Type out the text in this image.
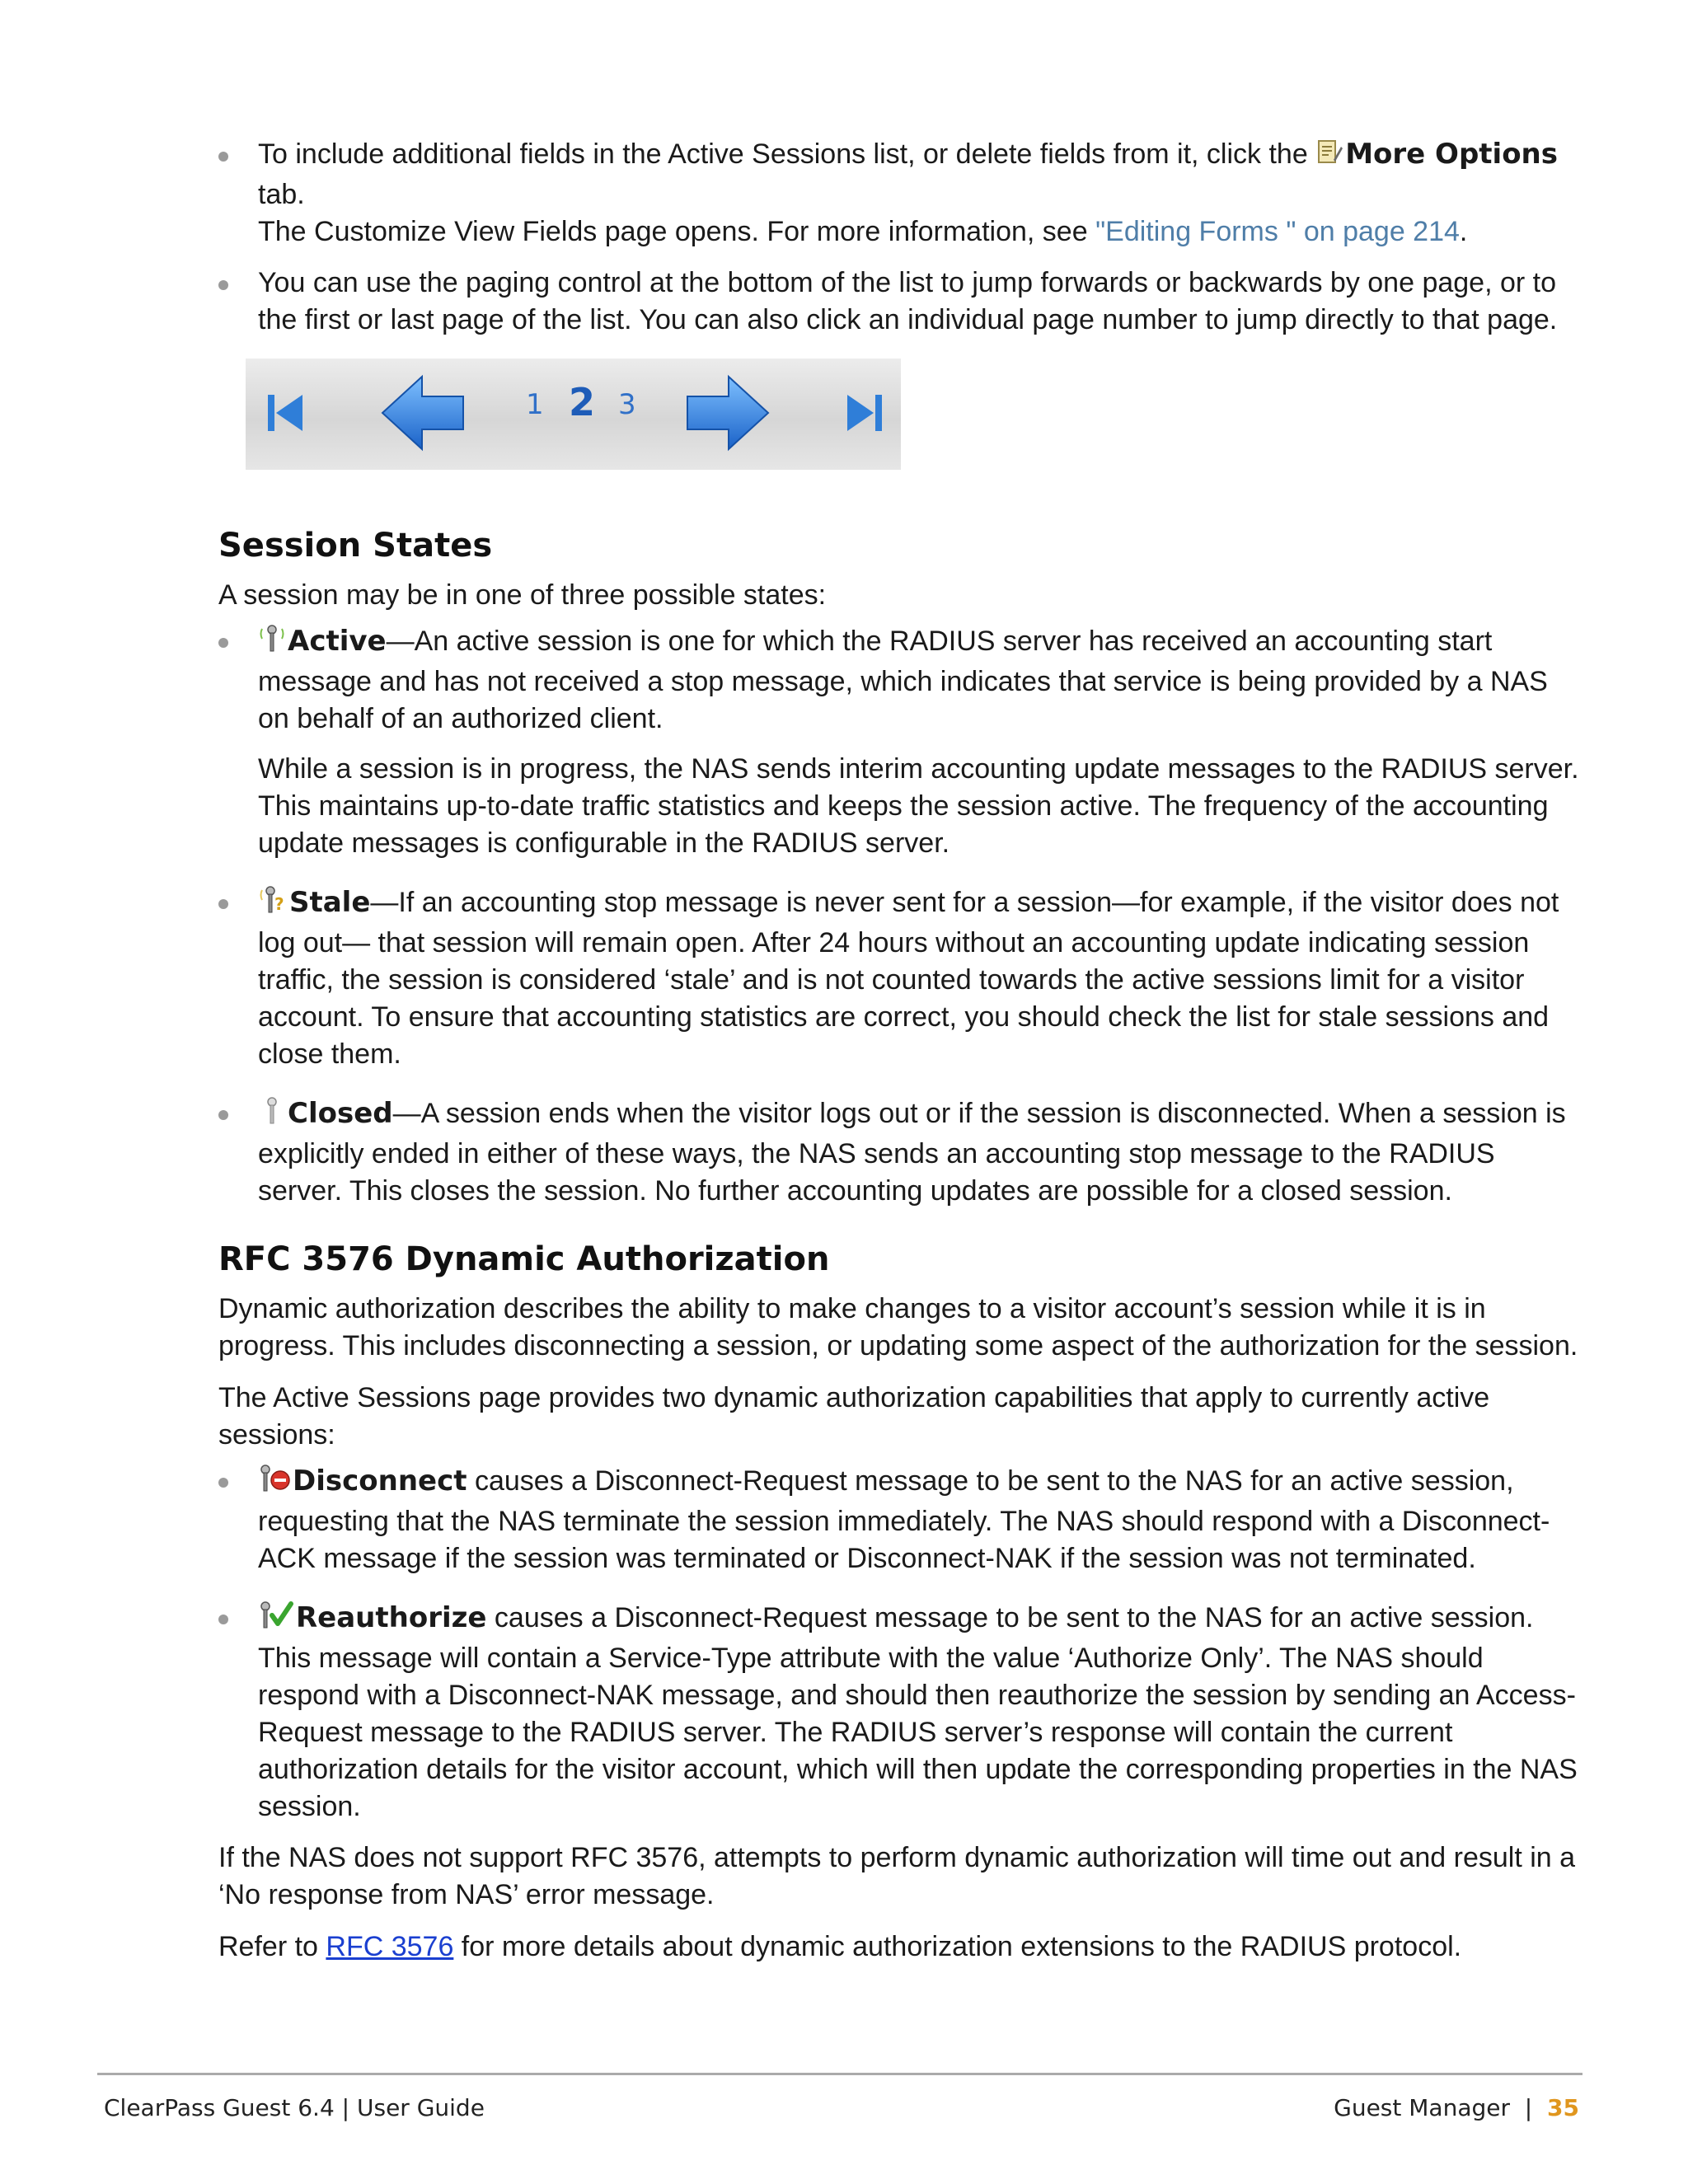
To include additional fields in the Active Sessions list, or delete fields from it, click the More Options tab.
The Customize View Fields page opens. For more information, see "Editing Forms " on page 214.

You can use the paging control at the bottom of the list to jump forwards or backwards by one page, or to the first or last page of the list. You can also click an individual page number to jump directly to that page.

1 2 3
Session States

A session may be in one of three possible states:

Active—An active session is one for which the RADIUS server has received an accounting start message and has not received a stop message, which indicates that service is being provided by a NAS on behalf of an authorized client.

While a session is in progress, the NAS sends interim accounting update messages to the RADIUS server. This maintains up-to-date traffic statistics and keeps the session active. The frequency of the accounting update messages is configurable in the RADIUS server.

? Stale—If an accounting stop message is never sent for a session—for example, if the visitor does not log out— that session will remain open. After 24 hours without an accounting update indicating session traffic, the session is considered ‘stale’ and is not counted towards the active sessions limit for a visitor account. To ensure that accounting statistics are correct, you should check the list for stale sessions and close them.

Closed—A session ends when the visitor logs out or if the session is disconnected. When a session is explicitly ended in either of these ways, the NAS sends an accounting stop message to the RADIUS server. This closes the session. No further accounting updates are possible for a closed session.

RFC 3576 Dynamic Authorization

Dynamic authorization describes the ability to make changes to a visitor account’s session while it is in progress. This includes disconnecting a session, or updating some aspect of the authorization for the session.

The Active Sessions page provides two dynamic authorization capabilities that apply to currently active sessions:

Disconnect causes a Disconnect-Request message to be sent to the NAS for an active session, requesting that the NAS terminate the session immediately. The NAS should respond with a Disconnect-ACK message if the session was terminated or Disconnect-NAK if the session was not terminated.

Reauthorize causes a Disconnect-Request message to be sent to the NAS for an active session. This message will contain a Service-Type attribute with the value ‘Authorize Only’. The NAS should respond with a Disconnect-NAK message, and should then reauthorize the session by sending an Access-Request message to the RADIUS server. The RADIUS server’s response will contain the current authorization details for the visitor account, which will then update the corresponding properties in the NAS session.

If the NAS does not support RFC 3576, attempts to perform dynamic authorization will time out and result in a ‘No response from NAS’ error message.

Refer to RFC 3576 for more details about dynamic authorization extensions to the RADIUS protocol.

ClearPass Guest 6.4 | User Guide	Guest Manager  |  35
